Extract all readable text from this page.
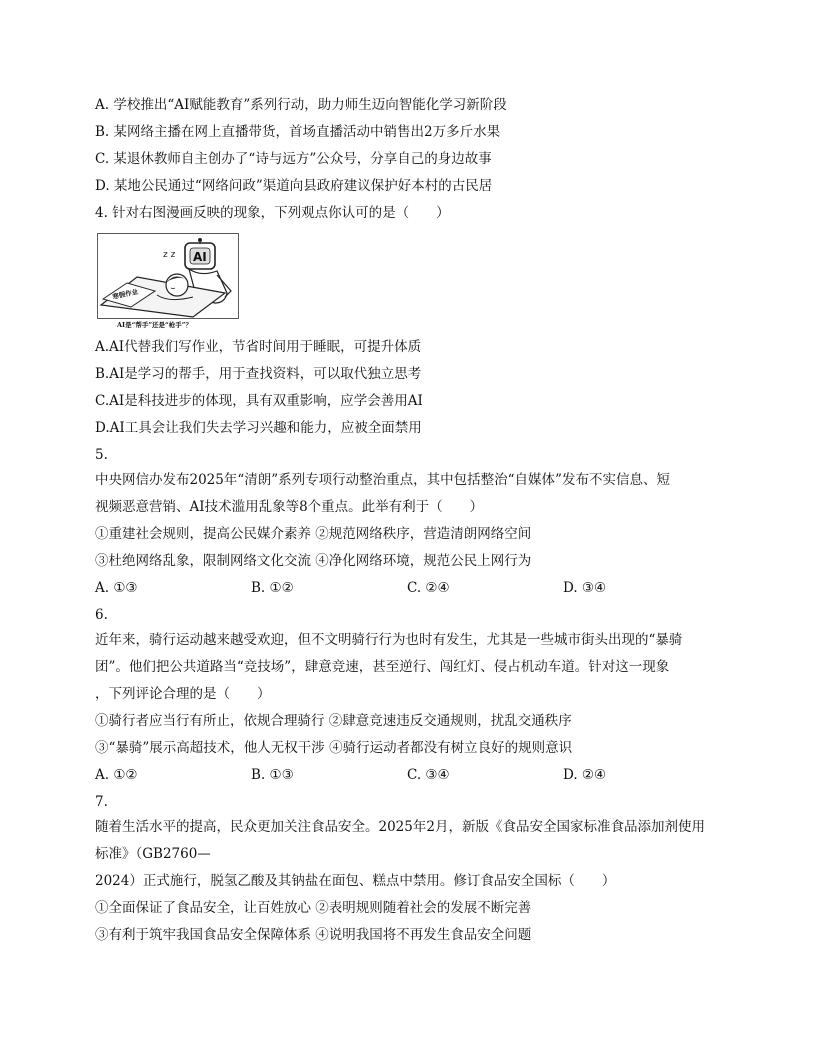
A. 学校推出“AI赋能教育”系列行动，助力师生迈向智能化学习新阶段
B. 某网络主播在网上直播带货，首场直播活动中销售出2万多斤水果
C. 某退休教师自主创办了“诗与远方”公众号，分享自己的身边故事
D. 某地公民通过“网络问政”渠道向县政府建议保护好本村的古民居
4. 针对右图漫画反映的现象，下列观点你认可的是（　　）
AI
z z
寒假作业
AI是“帮手”还是“枪手”？
A.AI代替我们写作业，节省时间用于睡眠，可提升体质
B.AI是学习的帮手，用于查找资料，可以取代独立思考
C.AI是科技进步的体现，具有双重影响，应学会善用AI
D.AI工具会让我们失去学习兴趣和能力，应被全面禁用
5.
中央网信办发布2025年“清朗”系列专项行动整治重点，其中包括整治“自媒体”发布不实信息、短
视频恶意营销、AI技术滥用乱象等8个重点。此举有利于（　　）
①重建社会规则，提高公民媒介素养 ②规范网络秩序，营造清朗网络空间
③杜绝网络乱象，限制网络文化交流 ④净化网络环境，规范公民上网行为
A. ①③	B. ①②	C. ②④	D. ③④
6.
近年来，骑行运动越来越受欢迎，但不文明骑行行为也时有发生，尤其是一些城市街头出现的“暴骑
团”。他们把公共道路当“竞技场”，肆意竞速，甚至逆行、闯红灯、侵占机动车道。针对这一现象
，下列评论合理的是（　　）
①骑行者应当行有所止，依规合理骑行 ②肆意竞速违反交通规则，扰乱交通秩序
③“暴骑”展示高超技术，他人无权干涉 ④骑行运动者都没有树立良好的规则意识
A. ①②	B. ①③	C. ③④	D. ②④
7.
随着生活水平的提高，民众更加关注食品安全。2025年2月，新版《食品安全国家标准食品添加剂使用
标准》（GB2760—
2024）正式施行，脱氢乙酸及其钠盐在面包、糕点中禁用。修订食品安全国标（　　）
①全面保证了食品安全，让百姓放心 ②表明规则随着社会的发展不断完善
③有利于筑牢我国食品安全保障体系 ④说明我国将不再发生食品安全问题
